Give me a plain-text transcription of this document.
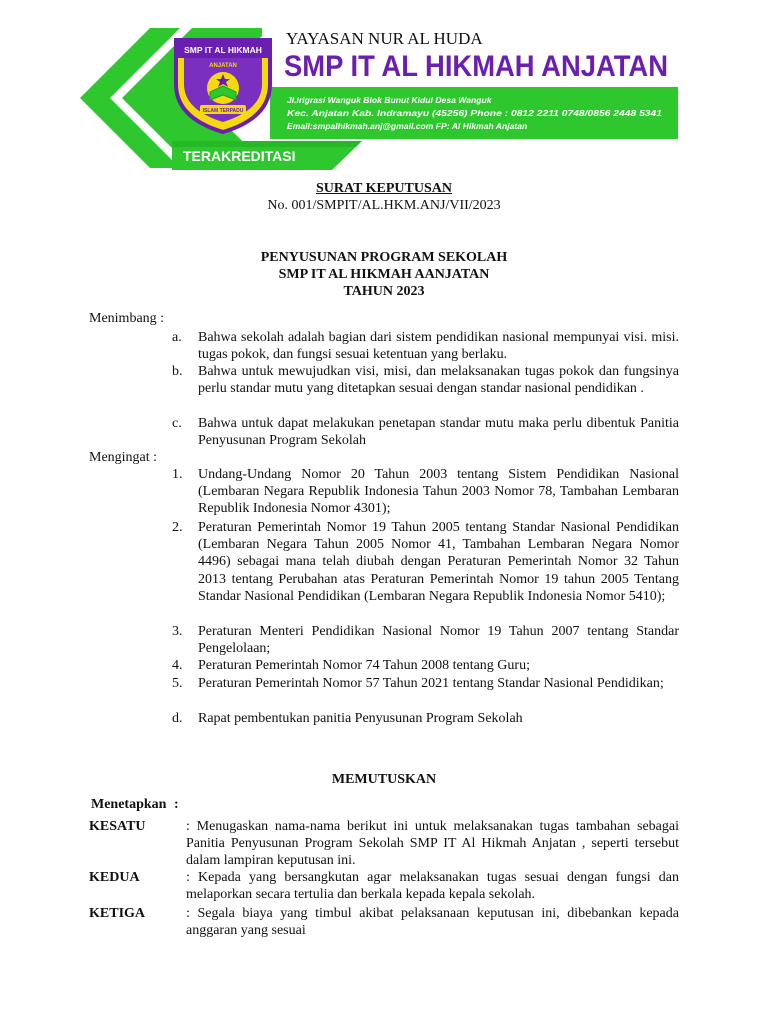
SMP IT AL HIKMAH
ANJATAN
ISLAM TERPADU
YAYASAN NUR AL HUDA
SMP IT AL HIKMAH ANJATAN
Jl.Irigrasi Wanguk Blok Bunut Kidul Desa Wanguk
Kec. Anjatan Kab. Indramayu (45256) Phone : 0812 2211 0748/0856 2448 5341
Email:smpalhikmah.anj@gmail.com FP: Al Hikmah Anjatan
TERAKREDITASI
SURAT KEPUTUSAN
No. 001/SMPIT/AL.HKM.ANJ/VII/2023
PENYUSUNAN PROGRAM SEKOLAH
SMP IT AL HIKMAH AANJATAN
TAHUN 2023
Menimbang :
a. Bahwa sekolah adalah bagian dari sistem pendidikan nasional mempunyai visi. misi. tugas pokok, dan fungsi sesuai ketentuan yang berlaku.
b. Bahwa untuk mewujudkan visi, misi, dan melaksanakan tugas pokok dan fungsinya perlu standar mutu yang ditetapkan sesuai dengan standar nasional pendidikan .
c. Bahwa untuk dapat melakukan penetapan standar mutu maka perlu dibentuk Panitia Penyusunan Program Sekolah
Mengingat :
1. Undang-Undang Nomor 20 Tahun 2003 tentang Sistem Pendidikan Nasional (Lembaran Negara Republik Indonesia Tahun 2003 Nomor 78, Tambahan Lembaran Republik Indonesia Nomor 4301);
2. Peraturan Pemerintah Nomor 19 Tahun 2005 tentang Standar Nasional Pendidikan (Lembaran Negara Tahun 2005 Nomor 41, Tambahan Lembaran Negara Nomor 4496) sebagai mana telah diubah dengan Peraturan Pemerintah Nomor 32 Tahun 2013 tentang Perubahan atas Peraturan Pemerintah Nomor 19 tahun 2005 Tentang Standar Nasional Pendidikan (Lembaran Negara Republik Indonesia Nomor 5410);
3. Peraturan Menteri Pendidikan Nasional Nomor 19 Tahun 2007 tentang Standar Pengelolaan;
4. Peraturan Pemerintah Nomor 74 Tahun 2008 tentang Guru;
5. Peraturan Pemerintah Nomor 57 Tahun 2021 tentang Standar Nasional Pendidikan;
d. Rapat pembentukan panitia Penyusunan Program Sekolah
MEMUTUSKAN
Menetapkan :
KESATU	: Menugaskan nama-nama berikut ini untuk melaksanakan tugas tambahan sebagai Panitia Penyusunan Program Sekolah SMP IT Al Hikmah Anjatan , seperti tersebut dalam lampiran keputusan ini.
KEDUA	: Kepada yang bersangkutan agar melaksanakan tugas sesuai dengan fungsi dan melaporkan secara tertulia dan berkala kepada kepala sekolah.
KETIGA	: Segala biaya yang timbul akibat pelaksanaan keputusan ini, dibebankan kepada anggaran yang sesuai
